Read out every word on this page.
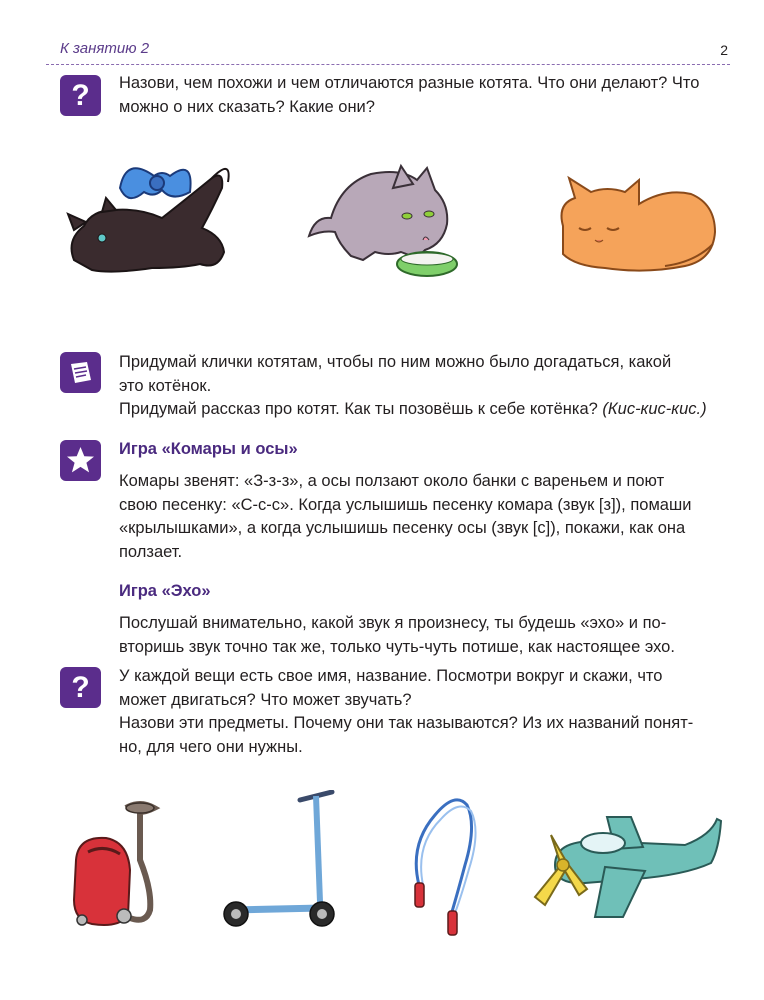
К занятию 2	2
?	Назови, чем похожи и чем отличаются разные котята. Что они делают? Что

можно о них сказать? Какие они?

Придумай клички котятам, чтобы по ним можно было догадаться, какой

это котёнок.

Придумай рассказ про котят. Как ты позовёшь к себе котёнка? (Кис-кис-кис.)

Игра «Комары и осы»

Комары звенят: «З-з-з», а осы ползают около банки с вареньем и поют

свою песенку: «С-с-с». Когда услышишь песенку комара (звук [з]), помаши

«крылышками», а когда услышишь песенку осы (звук [с]), покажи, как она

ползает.

Игра «Эхо»

Послушай внимательно, какой звук я произнесу, ты будешь «эхо» и по-

вторишь звук точно так же, только чуть-чуть потише, как настоящее эхо.

?	У каждой вещи есть свое имя, название. Посмотри вокруг и скажи, что

может двигаться? Что может звучать?

Назови эти предметы. Почему они так называются? Из их названий понят-

но, для чего они нужны.
